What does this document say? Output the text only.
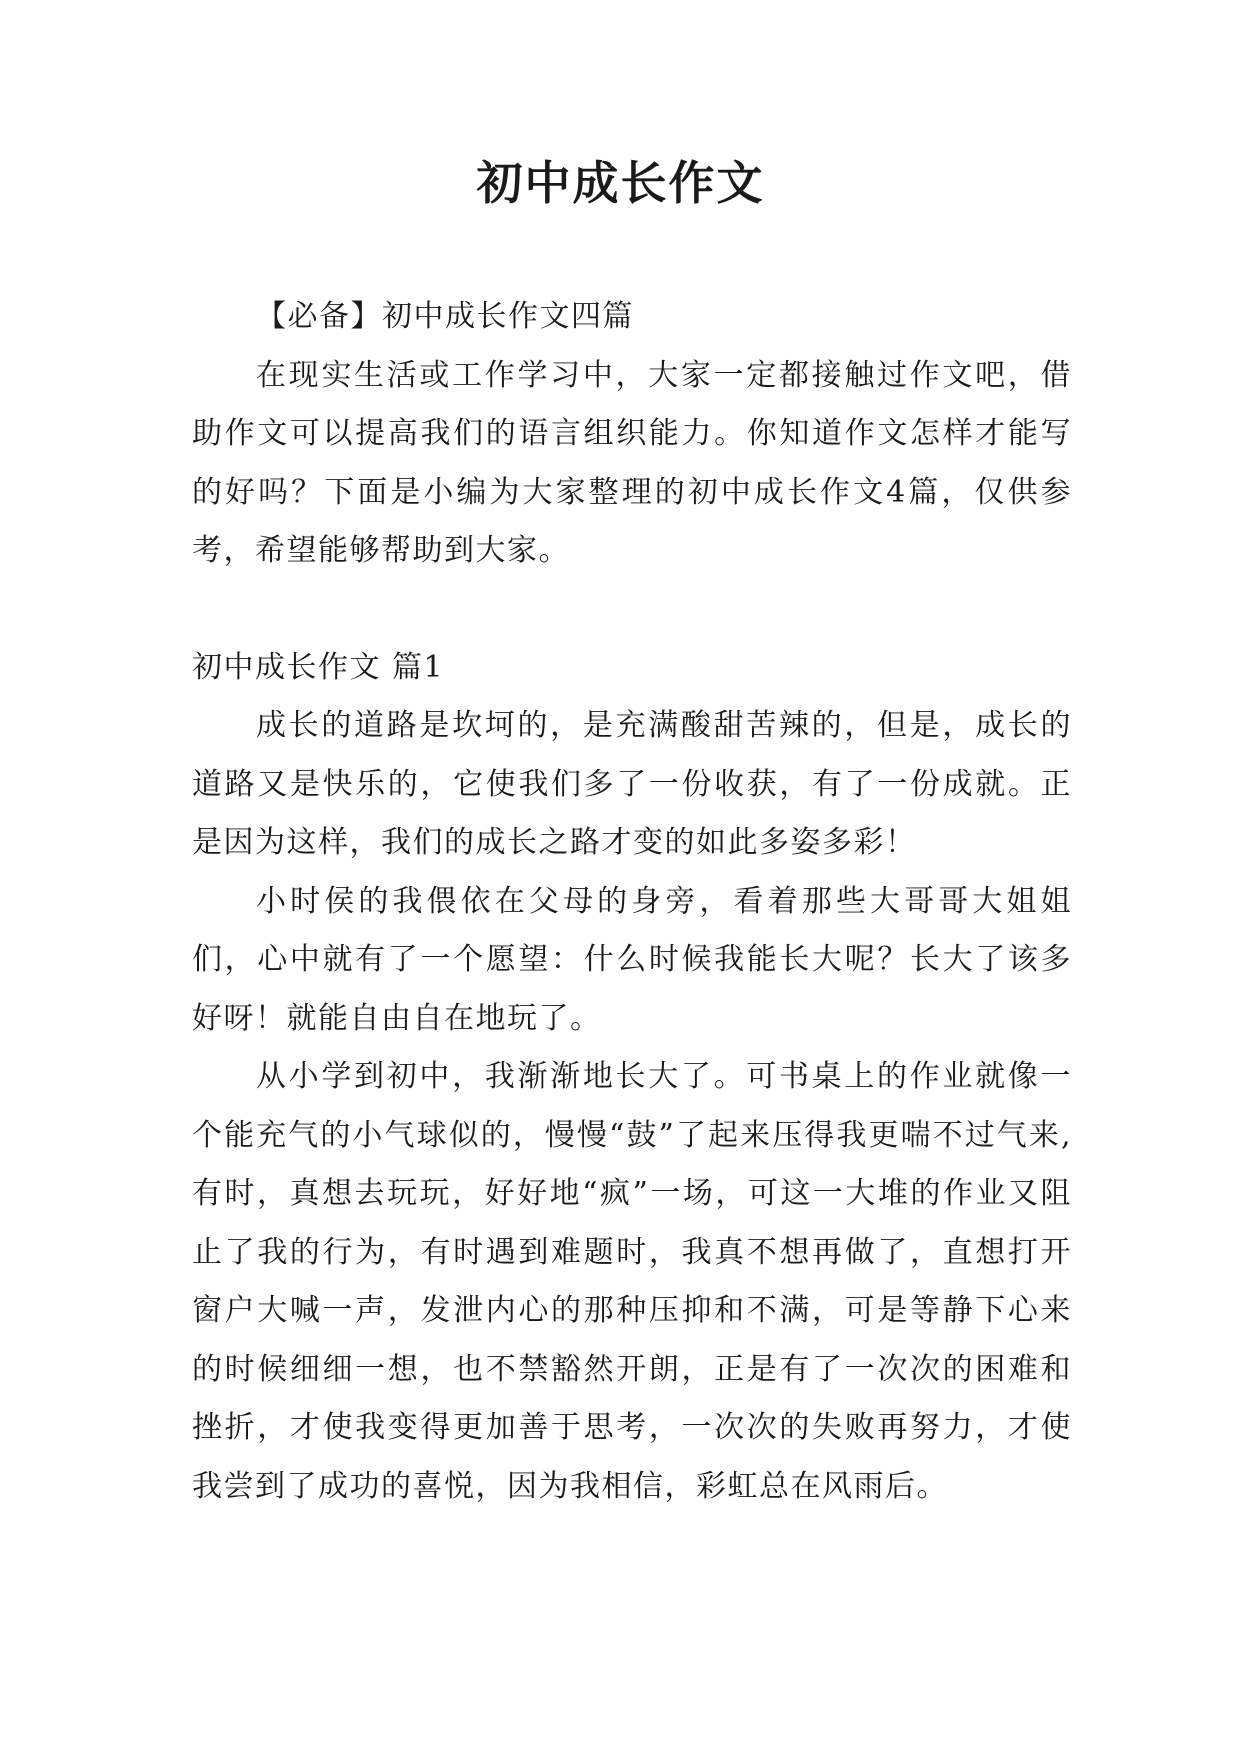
初中成长作文

【必备】初中成长作文四篇

在现实生活或工作学习中，大家一定都接触过作文吧，借助作文可以提高我们的语言组织能力。你知道作文怎样才能写的好吗？下面是小编为大家整理的初中成长作文4篇，仅供参考，希望能够帮助到大家。

初中成长作文 篇1

成长的道路是坎坷的，是充满酸甜苦辣的，但是，成长的道路又是快乐的，它使我们多了一份收获，有了一份成就。正是因为这样，我们的成长之路才变的如此多姿多彩！

小时侯的我偎依在父母的身旁，看着那些大哥哥大姐姐们，心中就有了一个愿望：什么时候我能长大呢？长大了该多好呀！就能自由自在地玩了。

从小学到初中，我渐渐地长大了。可书桌上的作业就像一个能充气的小气球似的，慢慢“鼓”了起来压得我更喘不过气来,有时，真想去玩玩，好好地“疯”一场，可这一大堆的作业又阻止了我的行为，有时遇到难题时，我真不想再做了，直想打开窗户大喊一声，发泄内心的那种压抑和不满，可是等静下心来的时候细细一想，也不禁豁然开朗，正是有了一次次的困难和挫折，才使我变得更加善于思考，一次次的失败再努力，才使我尝到了成功的喜悦，因为我相信，彩虹总在风雨后。
